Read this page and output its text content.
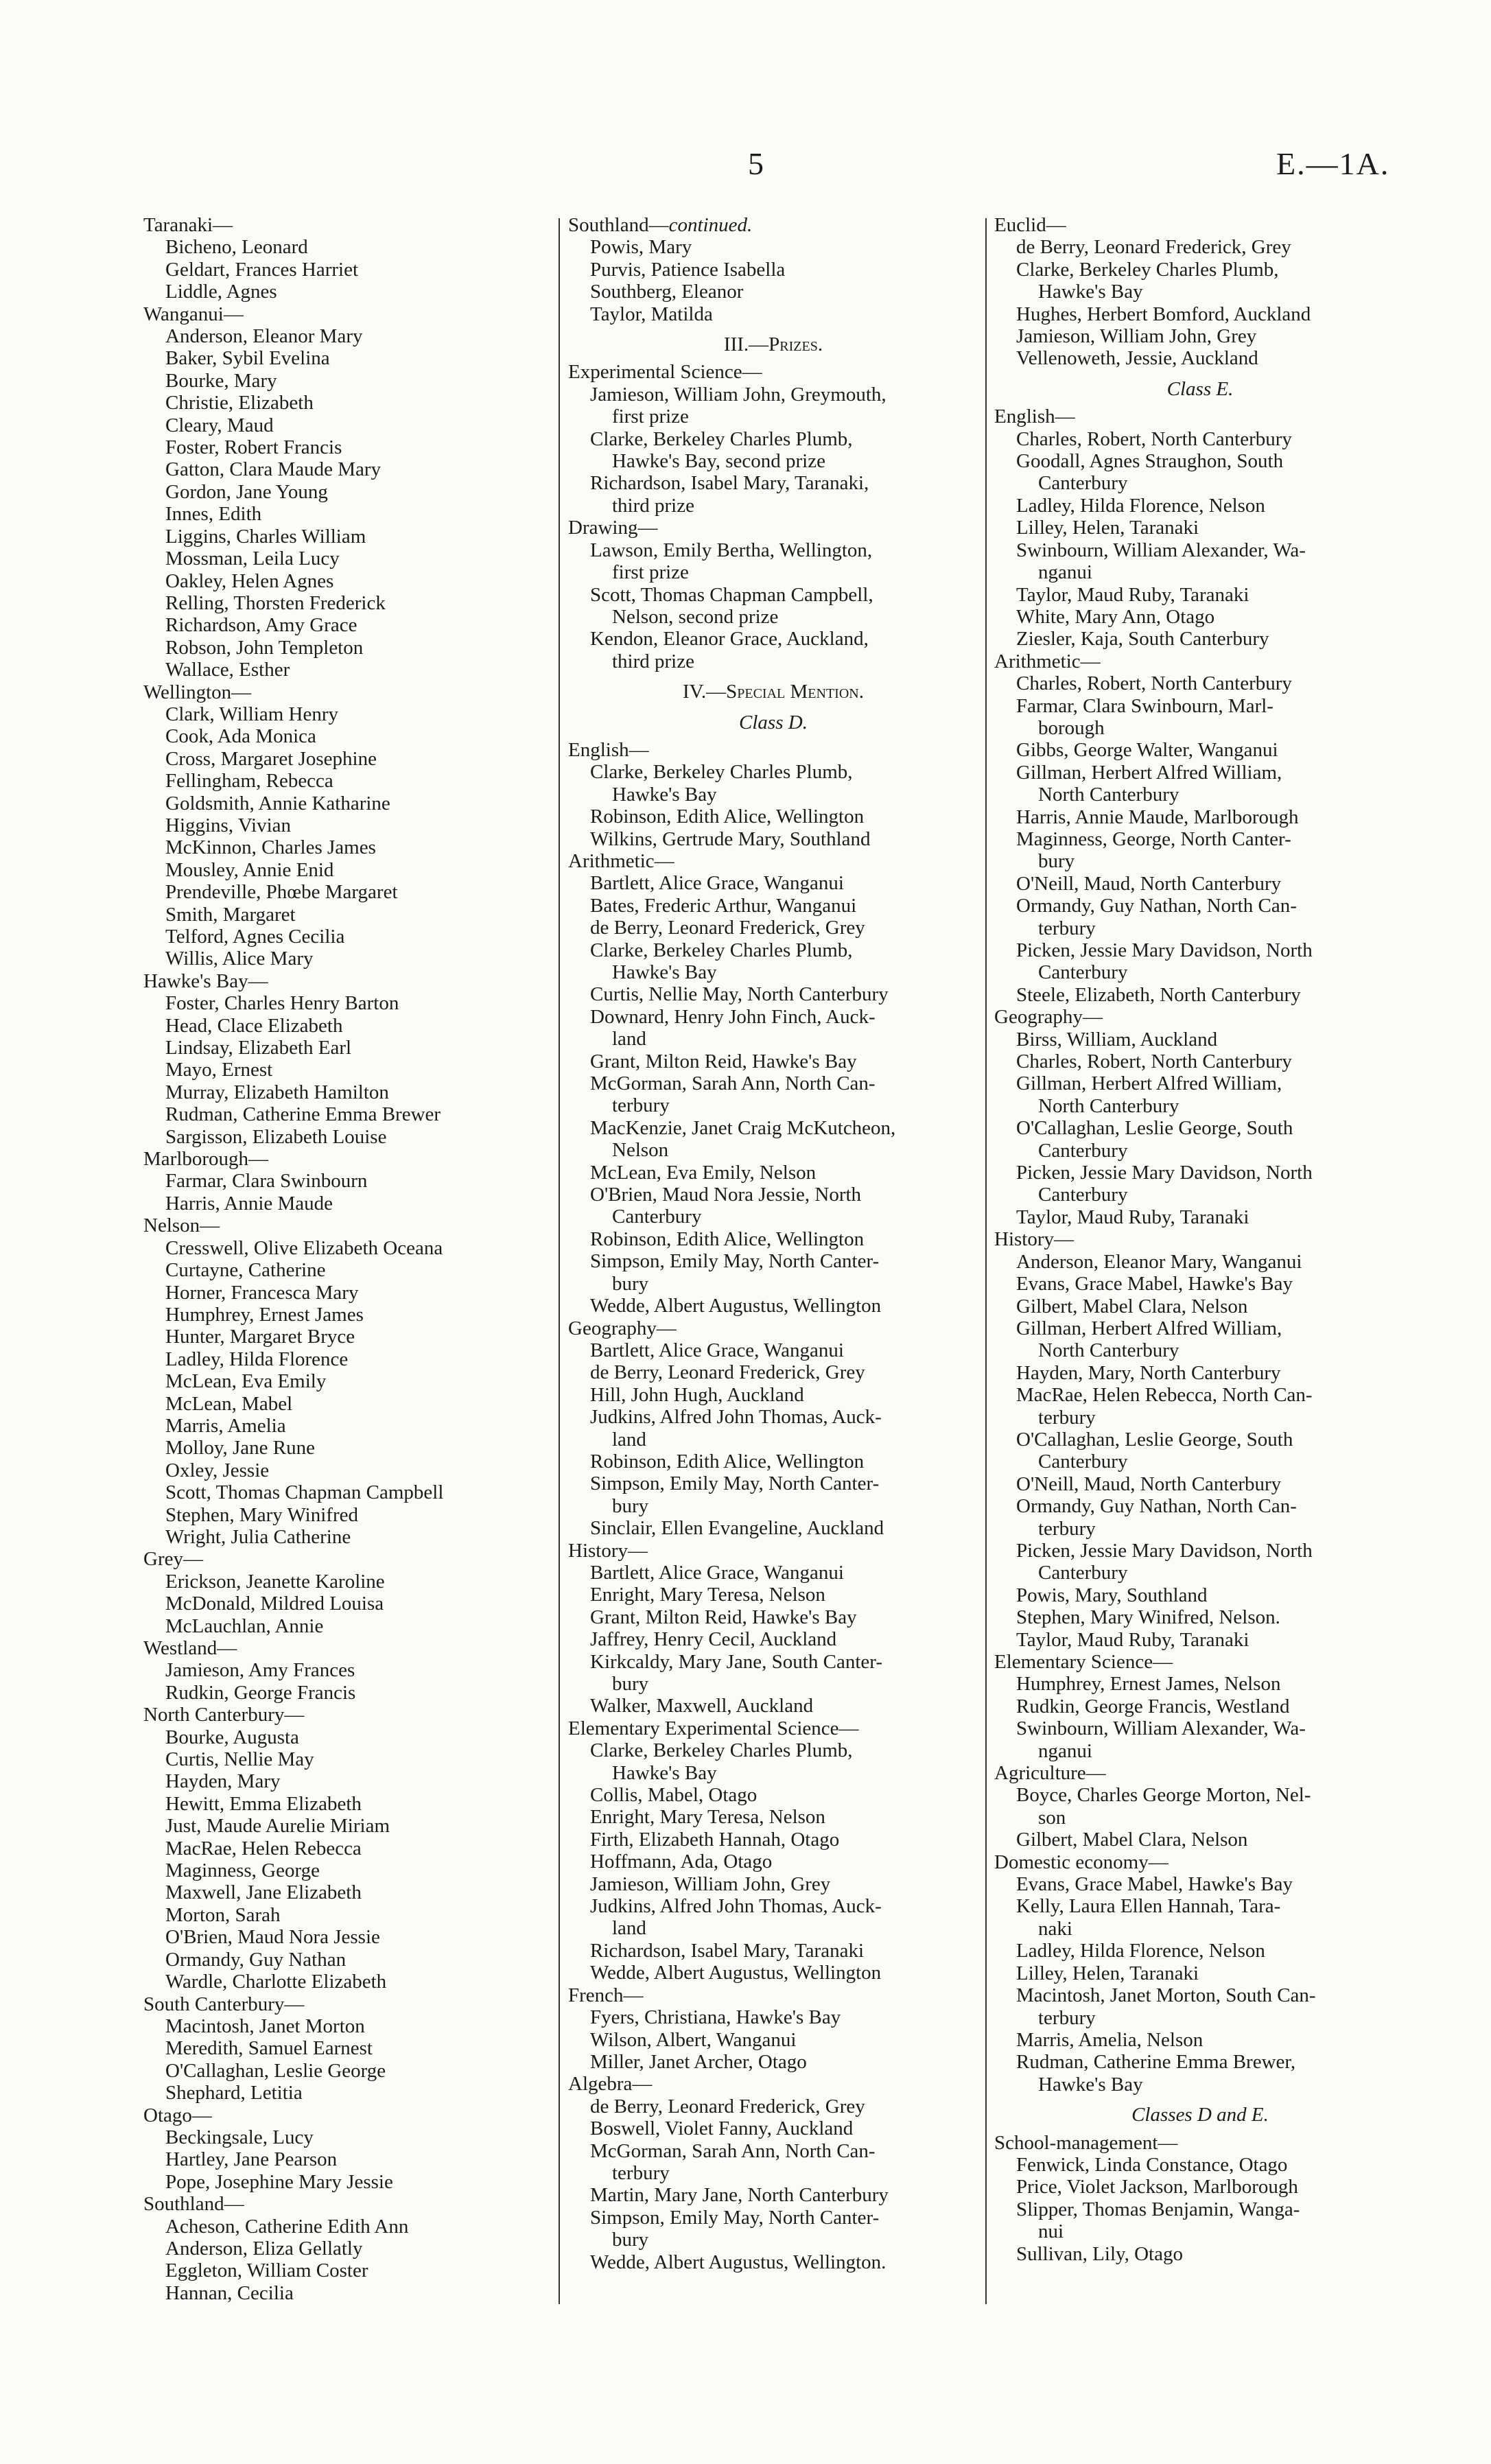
5	E.—1A.
Taranaki—
Bicheno, Leonard
Geldart, Frances Harriet
Liddle, Agnes
Wanganui—
Anderson, Eleanor Mary
Baker, Sybil Evelina
Bourke, Mary
Christie, Elizabeth
Cleary, Maud
Foster, Robert Francis
Gatton, Clara Maude Mary
Gordon, Jane Young
Innes, Edith
Liggins, Charles William
Mossman, Leila Lucy
Oakley, Helen Agnes
Relling, Thorsten Frederick
Richardson, Amy Grace
Robson, John Templeton
Wallace, Esther
Wellington—
Clark, William Henry
Cook, Ada Monica
Cross, Margaret Josephine
Fellingham, Rebecca
Goldsmith, Annie Katharine
Higgins, Vivian
McKinnon, Charles James
Mousley, Annie Enid
Prendeville, Phœbe Margaret
Smith, Margaret
Telford, Agnes Cecilia
Willis, Alice Mary
Hawke's Bay—
Foster, Charles Henry Barton
Head, Clace Elizabeth
Lindsay, Elizabeth Earl
Mayo, Ernest
Murray, Elizabeth Hamilton
Rudman, Catherine Emma Brewer
Sargisson, Elizabeth Louise
Marlborough—
Farmar, Clara Swinbourn
Harris, Annie Maude
Nelson—
Cresswell, Olive Elizabeth Oceana
Curtayne, Catherine
Horner, Francesca Mary
Humphrey, Ernest James
Hunter, Margaret Bryce
Ladley, Hilda Florence
McLean, Eva Emily
McLean, Mabel
Marris, Amelia
Molloy, Jane Rune
Oxley, Jessie
Scott, Thomas Chapman Campbell
Stephen, Mary Winifred
Wright, Julia Catherine
Grey—
Erickson, Jeanette Karoline
McDonald, Mildred Louisa
McLauchlan, Annie
Westland—
Jamieson, Amy Frances
Rudkin, George Francis
North Canterbury—
Bourke, Augusta
Curtis, Nellie May
Hayden, Mary
Hewitt, Emma Elizabeth
Just, Maude Aurelie Miriam
MacRae, Helen Rebecca
Maginness, George
Maxwell, Jane Elizabeth
Morton, Sarah
O'Brien, Maud Nora Jessie
Ormandy, Guy Nathan
Wardle, Charlotte Elizabeth
South Canterbury—
Macintosh, Janet Morton
Meredith, Samuel Earnest
O'Callaghan, Leslie George
Shephard, Letitia
Otago—
Beckingsale, Lucy
Hartley, Jane Pearson
Pope, Josephine Mary Jessie
Southland—
Acheson, Catherine Edith Ann
Anderson, Eliza Gellatly
Eggleton, William Coster
Hannan, Cecilia
Southland—continued.
Powis, Mary
Purvis, Patience Isabella
Southberg, Eleanor
Taylor, Matilda
III.—Prizes.
Experimental Science—
Jamieson, William John, Greymouth,
first prize
Clarke, Berkeley Charles Plumb,
Hawke's Bay, second prize
Richardson, Isabel Mary, Taranaki,
third prize
Drawing—
Lawson, Emily Bertha, Wellington,
first prize
Scott, Thomas Chapman Campbell,
Nelson, second prize
Kendon, Eleanor Grace, Auckland,
third prize
IV.—Special Mention.
Class D.
English—
Clarke, Berkeley Charles Plumb,
Hawke's Bay
Robinson, Edith Alice, Wellington
Wilkins, Gertrude Mary, Southland
Arithmetic—
Bartlett, Alice Grace, Wanganui
Bates, Frederic Arthur, Wanganui
de Berry, Leonard Frederick, Grey
Clarke, Berkeley Charles Plumb,
Hawke's Bay
Curtis, Nellie May, North Canterbury
Downard, Henry John Finch, Auck-
land
Grant, Milton Reid, Hawke's Bay
McGorman, Sarah Ann, North Can-
terbury
MacKenzie, Janet Craig McKutcheon,
Nelson
McLean, Eva Emily, Nelson
O'Brien, Maud Nora Jessie, North
Canterbury
Robinson, Edith Alice, Wellington
Simpson, Emily May, North Canter-
bury
Wedde, Albert Augustus, Wellington
Geography—
Bartlett, Alice Grace, Wanganui
de Berry, Leonard Frederick, Grey
Hill, John Hugh, Auckland
Judkins, Alfred John Thomas, Auck-
land
Robinson, Edith Alice, Wellington
Simpson, Emily May, North Canter-
bury
Sinclair, Ellen Evangeline, Auckland
History—
Bartlett, Alice Grace, Wanganui
Enright, Mary Teresa, Nelson
Grant, Milton Reid, Hawke's Bay
Jaffrey, Henry Cecil, Auckland
Kirkcaldy, Mary Jane, South Canter-
bury
Walker, Maxwell, Auckland
Elementary Experimental Science—
Clarke, Berkeley Charles Plumb,
Hawke's Bay
Collis, Mabel, Otago
Enright, Mary Teresa, Nelson
Firth, Elizabeth Hannah, Otago
Hoffmann, Ada, Otago
Jamieson, William John, Grey
Judkins, Alfred John Thomas, Auck-
land
Richardson, Isabel Mary, Taranaki
Wedde, Albert Augustus, Wellington
French—
Fyers, Christiana, Hawke's Bay
Wilson, Albert, Wanganui
Miller, Janet Archer, Otago
Algebra—
de Berry, Leonard Frederick, Grey
Boswell, Violet Fanny, Auckland
McGorman, Sarah Ann, North Can-
terbury
Martin, Mary Jane, North Canterbury
Simpson, Emily May, North Canter-
bury
Wedde, Albert Augustus, Wellington.
Euclid—
de Berry, Leonard Frederick, Grey
Clarke, Berkeley Charles Plumb,
Hawke's Bay
Hughes, Herbert Bomford, Auckland
Jamieson, William John, Grey
Vellenoweth, Jessie, Auckland
Class E.
English—
Charles, Robert, North Canterbury
Goodall, Agnes Straughon, South
Canterbury
Ladley, Hilda Florence, Nelson
Lilley, Helen, Taranaki
Swinbourn, William Alexander, Wa-
nganui
Taylor, Maud Ruby, Taranaki
White, Mary Ann, Otago
Ziesler, Kaja, South Canterbury
Arithmetic—
Charles, Robert, North Canterbury
Farmar, Clara Swinbourn, Marl-
borough
Gibbs, George Walter, Wanganui
Gillman, Herbert Alfred William,
North Canterbury
Harris, Annie Maude, Marlborough
Maginness, George, North Canter-
bury
O'Neill, Maud, North Canterbury
Ormandy, Guy Nathan, North Can-
terbury
Picken, Jessie Mary Davidson, North
Canterbury
Steele, Elizabeth, North Canterbury
Geography—
Birss, William, Auckland
Charles, Robert, North Canterbury
Gillman, Herbert Alfred William,
North Canterbury
O'Callaghan, Leslie George, South
Canterbury
Picken, Jessie Mary Davidson, North
Canterbury
Taylor, Maud Ruby, Taranaki
History—
Anderson, Eleanor Mary, Wanganui
Evans, Grace Mabel, Hawke's Bay
Gilbert, Mabel Clara, Nelson
Gillman, Herbert Alfred William,
North Canterbury
Hayden, Mary, North Canterbury
MacRae, Helen Rebecca, North Can-
terbury
O'Callaghan, Leslie George, South
Canterbury
O'Neill, Maud, North Canterbury
Ormandy, Guy Nathan, North Can-
terbury
Picken, Jessie Mary Davidson, North
Canterbury
Powis, Mary, Southland
Stephen, Mary Winifred, Nelson.
Taylor, Maud Ruby, Taranaki
Elementary Science—
Humphrey, Ernest James, Nelson
Rudkin, George Francis, Westland
Swinbourn, William Alexander, Wa-
nganui
Agriculture—
Boyce, Charles George Morton, Nel-
son
Gilbert, Mabel Clara, Nelson
Domestic economy—
Evans, Grace Mabel, Hawke's Bay
Kelly, Laura Ellen Hannah, Tara-
naki
Ladley, Hilda Florence, Nelson
Lilley, Helen, Taranaki
Macintosh, Janet Morton, South Can-
terbury
Marris, Amelia, Nelson
Rudman, Catherine Emma Brewer,
Hawke's Bay
Classes D and E.
School-management—
Fenwick, Linda Constance, Otago
Price, Violet Jackson, Marlborough
Slipper, Thomas Benjamin, Wanga-
nui
Sullivan, Lily, Otago
